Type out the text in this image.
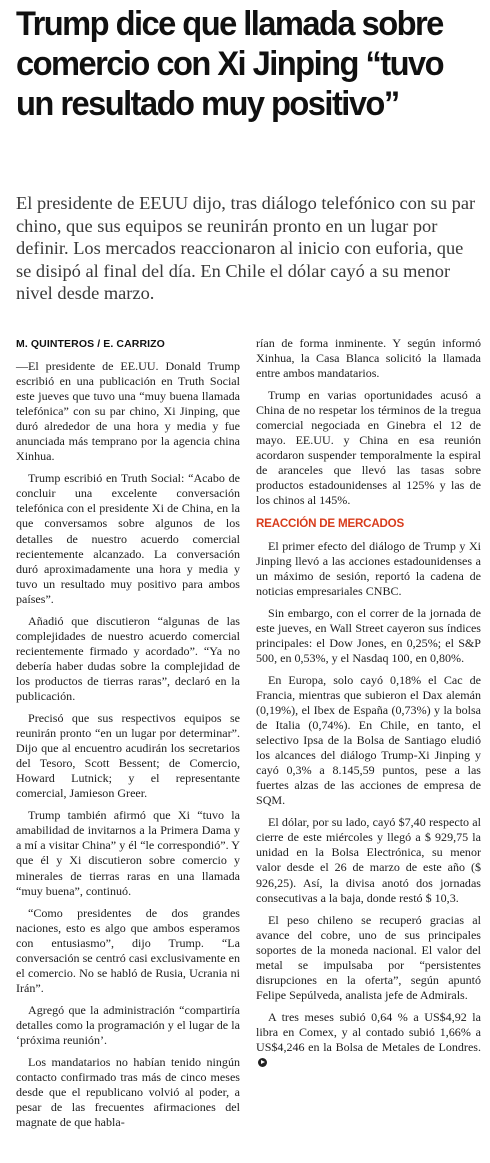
Trump dice que llamada sobre comercio con Xi Jinping “tuvo un resultado muy positivo”

El presidente de EEUU dijo, tras diálogo telefónico con su par chino, que sus equipos se reunirán pronto en un lugar por definir. Los mercados reaccionaron al inicio con euforia, que se disipó al final del día. En Chile el dólar cayó a su menor nivel desde marzo.

M. QUINTEROS / E. CARRIZO

—El presidente de EE.UU. Donald Trump escribió en una publicación en Truth Social este jueves que tuvo una “muy buena llamada telefónica” con su par chino, Xi Jinping, que duró alrededor de una hora y media y fue anunciada más temprano por la agencia china Xinhua.

Trump escribió en Truth Social: “Acabo de concluir una excelente conversación telefónica con el presidente Xi de China, en la que conversamos sobre algunos de los detalles de nuestro acuerdo comercial recientemente alcanzado. La conversación duró aproximadamente una hora y media y tuvo un resultado muy positivo para ambos países”.

Añadió que discutieron “algunas de las complejidades de nuestro acuerdo comercial recientemente firmado y acordado”. “Ya no debería haber dudas sobre la complejidad de los productos de tierras raras”, declaró en la publicación.

Precisó que sus respectivos equipos se reunirán pronto “en un lugar por determinar”. Dijo que al encuentro acudirán los secretarios del Tesoro, Scott Bessent; de Comercio, Howard Lutnick; y el representante comercial, Jamieson Greer.

Trump también afirmó que Xi “tuvo la amabilidad de invitarnos a la Primera Dama y a mí a visitar China” y él “le correspondió”. Y que él y Xi discutieron sobre comercio y minerales de tierras raras en una llamada “muy buena”, continuó.

“Como presidentes de dos grandes naciones, esto es algo que ambos esperamos con entusiasmo”, dijo Trump. “La conversación se centró casi exclusivamente en el comercio. No se habló de Rusia, Ucrania ni Irán”.

Agregó que la administración “compartiría detalles como la programación y el lugar de la ‘próxima reunión’.

Los mandatarios no habían tenido ningún contacto confirmado tras más de cinco meses desde que el republicano volvió al poder, a pesar de las frecuentes afirmaciones del magnate de que habla-

rían de forma inminente. Y según informó Xinhua, la Casa Blanca solicitó la llamada entre ambos mandatarios.

Trump en varias oportunidades acusó a China de no respetar los términos de la tregua comercial negociada en Ginebra el 12 de mayo. EE.UU. y China en esa reunión acordaron suspender temporalmente la espiral de aranceles que llevó las tasas sobre productos estadounidenses al 125% y las de los chinos al 145%.

REACCIÓN DE MERCADOS

El primer efecto del diálogo de Trump y Xi Jinping llevó a las acciones estadounidenses a un máximo de sesión, reportó la cadena de noticias empresariales CNBC.

Sin embargo, con el correr de la jornada de este jueves, en Wall Street cayeron sus índices principales: el Dow Jones, en 0,25%; el S&P 500, en 0,53%, y el Nasdaq 100, en 0,80%.

En Europa, solo cayó 0,18% el Cac de Francia, mientras que subieron el Dax alemán (0,19%), el Ibex de España (0,73%) y la bolsa de Italia (0,74%). En Chile, en tanto, el selectivo Ipsa de la Bolsa de Santiago eludió los alcances del diálogo Trump-Xi Jinping y cayó 0,3% a 8.145,59 puntos, pese a las fuertes alzas de las acciones de empresa de SQM.

El dólar, por su lado, cayó $7,40 respecto al cierre de este miércoles y llegó a $ 929,75 la unidad en la Bolsa Electrónica, su menor valor desde el 26 de marzo de este año ($ 926,25). Así, la divisa anotó dos jornadas consecutivas a la baja, donde restó $ 10,3.

El peso chileno se recuperó gracias al avance del cobre, uno de sus principales soportes de la moneda nacional. El valor del metal se impulsaba por “persistentes disrupciones en la oferta”, según apuntó Felipe Sepúlveda, analista jefe de Admirals.

A tres meses subió 0,64 % a US$4,92 la libra en Comex, y al contado subió 1,66% a US$4,246 en la Bolsa de Metales de Londres.
